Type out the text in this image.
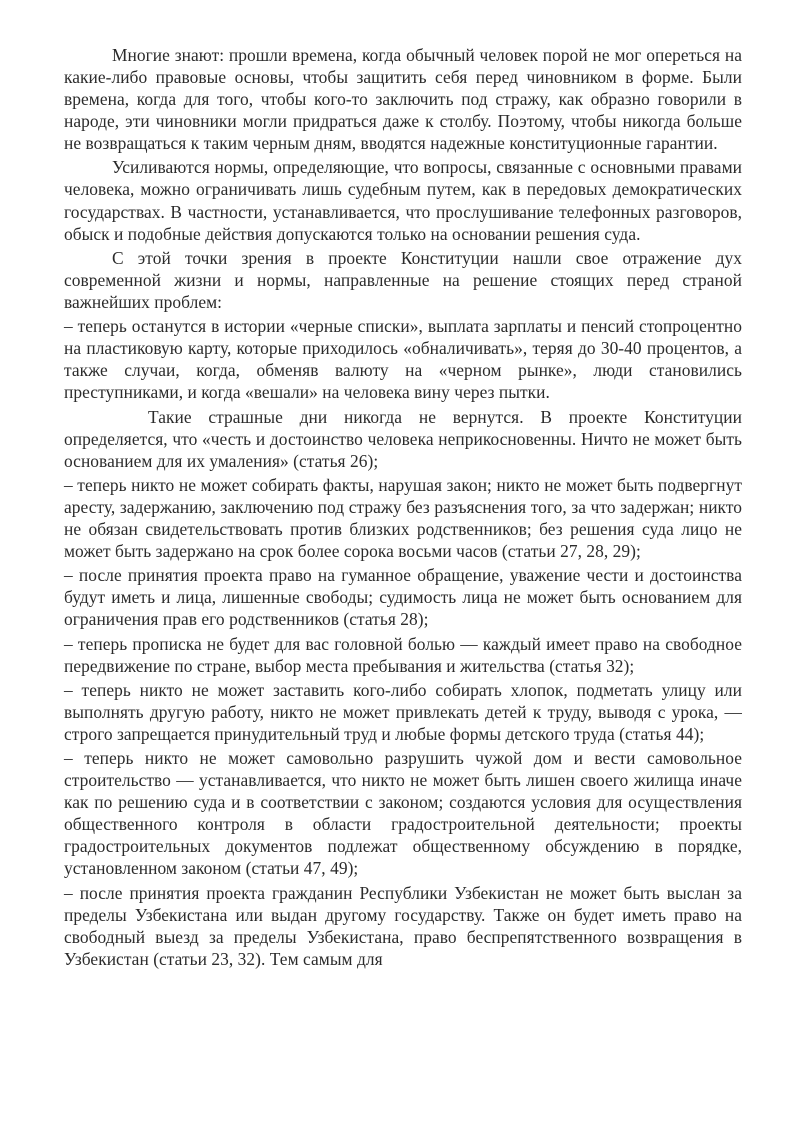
Многие знают: прошли времена, когда обычный человек порой не мог опереться на какие-либо правовые основы, чтобы защитить себя перед чиновником в форме. Были времена, когда для того, чтобы кого-то заключить под стражу, как образно говорили в народе, эти чиновники могли придраться даже к столбу. Поэтому, чтобы никогда больше не возвращаться к таким черным дням, вводятся надежные конституционные гарантии.

Усиливаются нормы, определяющие, что вопросы, связанные с основными правами человека, можно ограничивать лишь судебным путем, как в передовых демократических государствах. В частности, устанавливается, что прослушивание телефонных разговоров, обыск и подобные действия допускаются только на основании решения суда.

С этой точки зрения в проекте Конституции нашли свое отражение дух современной жизни и нормы, направленные на решение стоящих перед страной важнейших проблем:

– теперь останутся в истории «черные списки», выплата зарплаты и пенсий стопроцентно на пластиковую карту, которые приходилось «обналичивать», теряя до 30-40 процентов, а также случаи, когда, обменяв валюту на «черном рынке», люди становились преступниками, и когда «вешали» на человека вину через пытки.

Такие страшные дни никогда не вернутся. В проекте Конституции определяется, что «честь и достоинство человека неприкосновенны. Ничто не может быть основанием для их умаления» (статья 26);

– теперь никто не может собирать факты, нарушая закон; никто не может быть подвергнут аресту, задержанию, заключению под стражу без разъяснения того, за что задержан; никто не обязан свидетельствовать против близких родственников; без решения суда лицо не может быть задержано на срок более сорока восьми часов (статьи 27, 28, 29);

– после принятия проекта право на гуманное обращение, уважение чести и достоинства будут иметь и лица, лишенные свободы; судимость лица не может быть основанием для ограничения прав его родственников (статья 28);

– теперь прописка не будет для вас головной болью — каждый имеет право на свободное передвижение по стране, выбор места пребывания и жительства (статья 32);

– теперь никто не может заставить кого-либо собирать хлопок, подметать улицу или выполнять другую работу, никто не может привлекать детей к труду, выводя с урока, — строго запрещается принудительный труд и любые формы детского труда (статья 44);

– теперь никто не может самовольно разрушить чужой дом и вести самовольное строительство — устанавливается, что никто не может быть лишен своего жилища иначе как по решению суда и в соответствии с законом; создаются условия для осуществления общественного контроля в области градостроительной деятельности; проекты градостроительных документов подлежат общественному обсуждению в порядке, установленном законом (статьи 47, 49);

– после принятия проекта гражданин Республики Узбекистан не может быть выслан за пределы Узбекистана или выдан другому государству. Также он будет иметь право на свободный выезд за пределы Узбекистана, право беспрепятственного возвращения в Узбекистан (статьи 23, 32). Тем самым для
